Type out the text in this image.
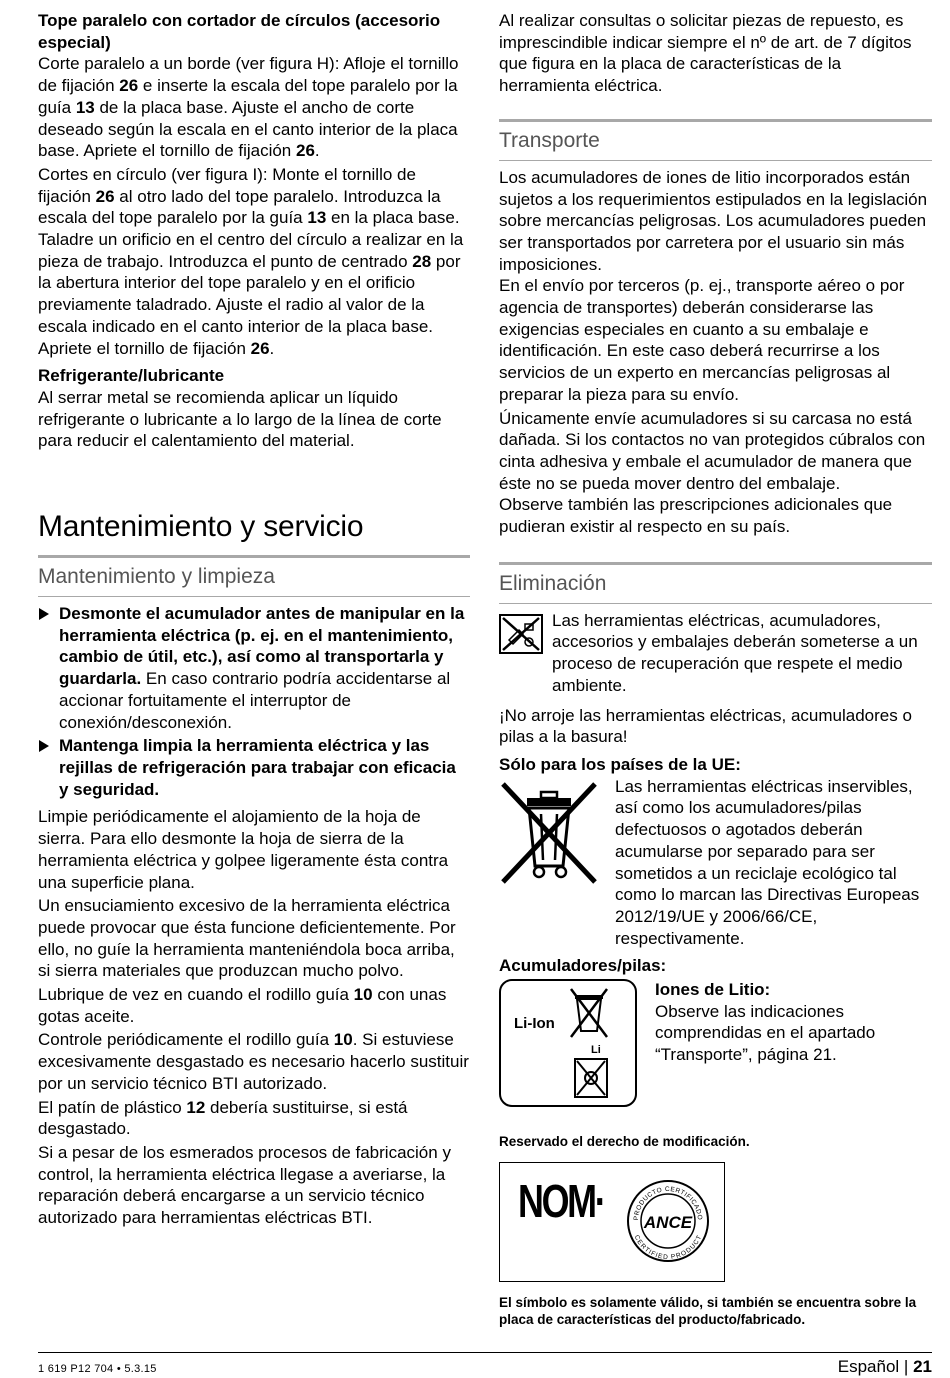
Tope paralelo con cortador de círculos (accesorio especial)

Corte paralelo a un borde (ver figura H): Afloje el tornillo de fijación 26 e inserte la escala del tope paralelo por la guía 13 de la placa base. Ajuste el ancho de corte deseado según la escala en el canto interior de la placa base. Apriete el tornillo de fijación 26.

Cortes en círculo (ver figura I): Monte el tornillo de fijación 26 al otro lado del tope paralelo. Introduzca la escala del tope paralelo por la guía 13 en la placa base. Taladre un orificio en el centro del círculo a realizar en la pieza de trabajo. Introduzca el punto de centrado 28 por la abertura interior del tope paralelo y en el orificio previamente taladrado. Ajuste el radio al valor de la escala indicado en el canto interior de la placa base. Apriete el tornillo de fijación 26.

Refrigerante/lubricante

Al serrar metal se recomienda aplicar un líquido refrigerante o lubricante a lo largo de la línea de corte para reducir el calentamiento del material.

Mantenimiento y servicio
Mantenimiento y limpieza
Desmonte el acumulador antes de manipular en la herramienta eléctrica (p. ej. en el mantenimiento, cambio de útil, etc.), así como al transportarla y guardarla. En caso contrario podría accidentarse al accionar fortuitamente el interruptor de conexión/desconexión.
Mantenga limpia la herramienta eléctrica y las rejillas de refrigeración para trabajar con eficacia y seguridad.

Limpie periódicamente el alojamiento de la hoja de sierra. Para ello desmonte la hoja de sierra de la herramienta eléctrica y golpee ligeramente ésta contra una superficie plana.

Un ensuciamiento excesivo de la herramienta eléctrica puede provocar que ésta funcione deficientemente. Por ello, no guíe la herramienta manteniéndola boca arriba, si sierra materiales que produzcan mucho polvo.

Lubrique de vez en cuando el rodillo guía 10 con unas gotas aceite.

Controle periódicamente el rodillo guía 10. Si estuviese excesivamente desgastado es necesario hacerlo sustituir por un servicio técnico BTI autorizado.

El patín de plástico 12 debería sustituirse, si está desgastado.

Si a pesar de los esmerados procesos de fabricación y control, la herramienta eléctrica llegase a averiarse, la reparación deberá encargarse a un servicio técnico autorizado para herramientas eléctricas BTI.

Al realizar consultas o solicitar piezas de repuesto, es imprescindible indicar siempre el nº de art. de 7 dígitos que figura en la placa de características de la herramienta eléctrica.

Transporte

Los acumuladores de iones de litio incorporados están sujetos a los requerimientos estipulados en la legislación sobre mercancías peligrosas. Los acumuladores pueden ser transportados por carretera por el usuario sin más imposiciones.

En el envío por terceros (p. ej., transporte aéreo o por agencia de transportes) deberán considerarse las exigencias especiales en cuanto a su embalaje e identificación. En este caso deberá recurrirse a los servicios de un experto en mercancías peligrosas al preparar la pieza para su envío.

Únicamente envíe acumuladores si su carcasa no está dañada. Si los contactos no van protegidos cúbralos con cinta adhesiva y embale el acumulador de manera que éste no se pueda mover dentro del embalaje.

Observe también las prescripciones adicionales que pudieran existir al respecto en su país.

Eliminación

Las herramientas eléctricas, acumuladores, accesorios y embalajes deberán someterse a un proceso de recuperación que respete el medio ambiente.

¡No arroje las herramientas eléctricas, acumuladores o pilas a la basura!

Sólo para los países de la UE:

Las herramientas eléctricas inservibles, así como los acumuladores/pilas defectuosos o agotados deberán acumularse por separado para ser sometidos a un reciclaje ecológico tal como lo marcan las Directivas Europeas 2012/19/UE y 2006/66/CE, respectivamente.

Acumuladores/pilas:

Li-Ion
Li

Iones de Litio:

Observe las indicaciones comprendidas en el apartado “Transporte”, página 21.

Reservado el derecho de modificación.

NOM· ANCE
PRODUCTO CERTIFICADO
CERTIFIED PRODUCT

El símbolo es solamente válido, si también se encuentra sobre la placa de características del producto/fabricado.

1 619 P12 704 • 5.3.15	Español | 21
